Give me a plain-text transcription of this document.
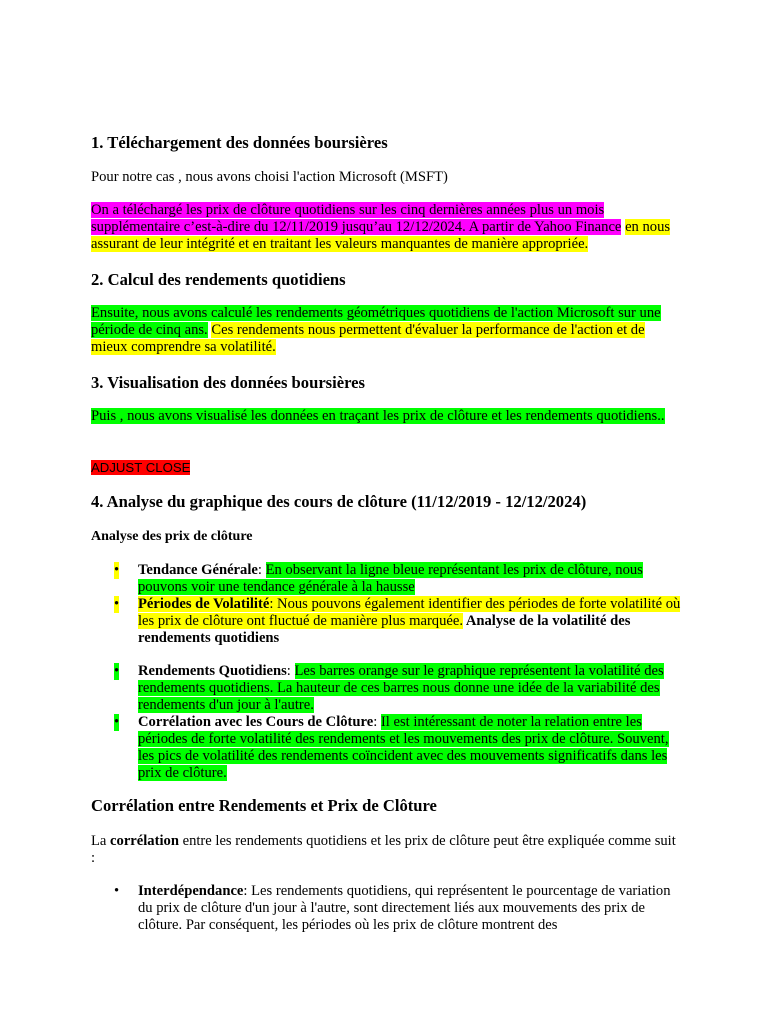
1. Téléchargement des données boursières

Pour notre cas , nous avons choisi l'action Microsoft (MSFT)

On a téléchargé les prix de clôture quotidiens sur les cinq dernières années plus un mois supplémentaire c’est-à-dire du 12/11/2019 jusqu’au 12/12/2024. A partir de Yahoo Finance en nous assurant de leur intégrité et en traitant les valeurs manquantes de manière appropriée.

2. Calcul des rendements quotidiens

Ensuite, nous avons calculé les rendements géométriques quotidiens de l'action Microsoft sur une période de cinq ans. Ces rendements nous permettent d'évaluer la performance de l'action et de mieux comprendre sa volatilité.

3. Visualisation des données boursières

Puis , nous avons visualisé les données en traçant les prix de clôture et les rendements quotidiens..

ADJUST CLOSE

4. Analyse du graphique des cours de clôture (11/12/2019 - 12/12/2024)
Analyse des prix de clôture
• Tendance Générale: En observant la ligne bleue représentant les prix de clôture, nous pouvons voir une tendance générale à la hausse
• Périodes de Volatilité: Nous pouvons également identifier des périodes de forte volatilité où les prix de clôture ont fluctué de manière plus marquée. Analyse de la volatilité des rendements quotidiens
• Rendements Quotidiens: Les barres orange sur le graphique représentent la volatilité des rendements quotidiens. La hauteur de ces barres nous donne une idée de la variabilité des rendements d'un jour à l'autre.
• Corrélation avec les Cours de Clôture: Il est intéressant de noter la relation entre les périodes de forte volatilité des rendements et les mouvements des prix de clôture. Souvent, les pics de volatilité des rendements coïncident avec des mouvements significatifs dans les prix de clôture.
Corrélation entre Rendements et Prix de Clôture

La corrélation entre les rendements quotidiens et les prix de clôture peut être expliquée comme suit :

• Interdépendance: Les rendements quotidiens, qui représentent le pourcentage de variation du prix de clôture d'un jour à l'autre, sont directement liés aux mouvements des prix de clôture. Par conséquent, les périodes où les prix de clôture montrent des
